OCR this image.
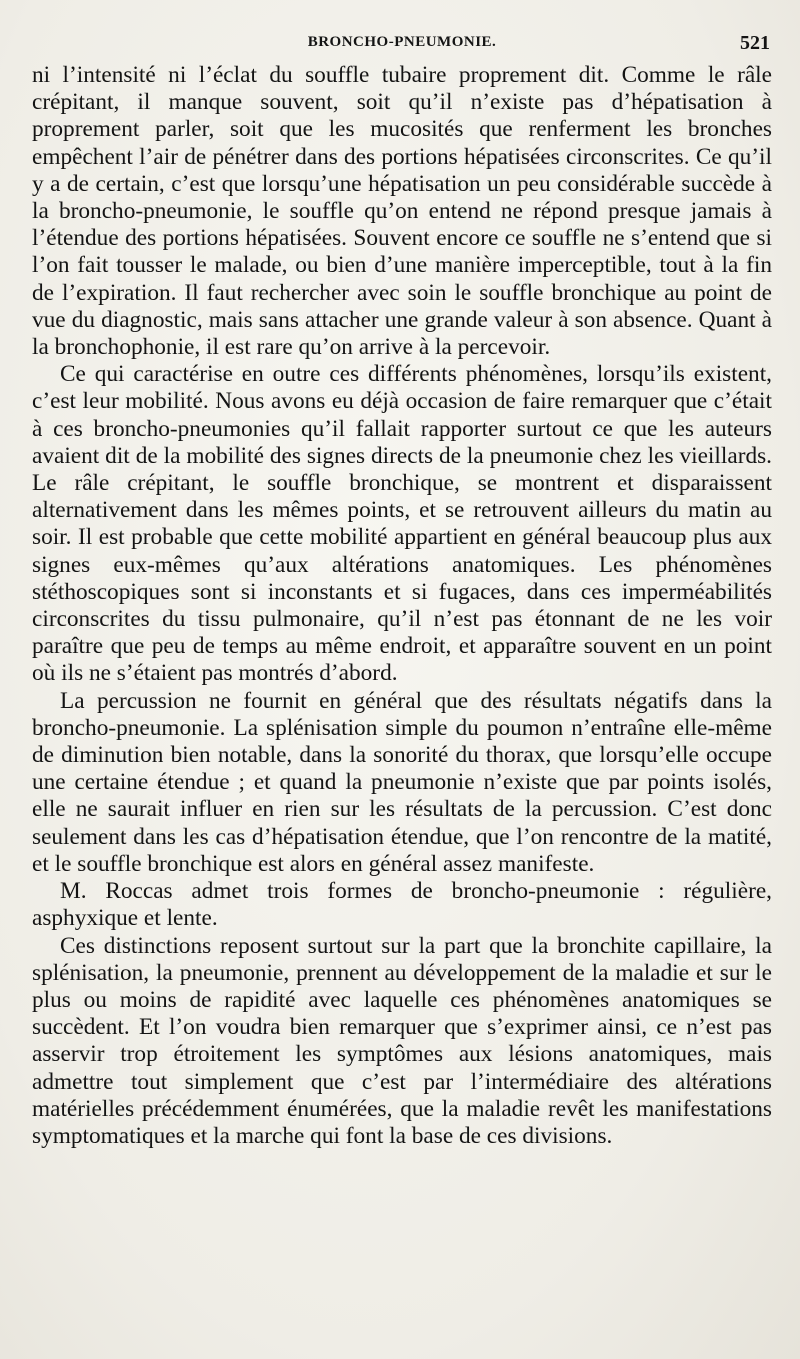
BRONCHO-PNEUMONIE.	521

ni l’intensité ni l’éclat du souffle tubaire proprement dit. Comme le râle crépitant, il manque souvent, soit qu’il n’existe pas d’hépatisation à proprement parler, soit que les mucosités que renferment les bronches empêchent l’air de pénétrer dans des portions hépatisées circonscrites. Ce qu’il y a de certain, c’est que lorsqu’une hépatisation un peu considérable succède à la broncho-pneumonie, le souffle qu’on entend ne répond presque jamais à l’étendue des portions hépatisées. Souvent encore ce souffle ne s’entend que si l’on fait tousser le malade, ou bien d’une manière imperceptible, tout à la fin de l’expiration. Il faut rechercher avec soin le souffle bronchique au point de vue du diagnostic, mais sans attacher une grande valeur à son absence. Quant à la bronchophonie, il est rare qu’on arrive à la percevoir.

Ce qui caractérise en outre ces différents phénomènes, lorsqu’ils existent, c’est leur mobilité. Nous avons eu déjà occasion de faire remarquer que c’était à ces broncho-pneumonies qu’il fallait rapporter surtout ce que les auteurs avaient dit de la mobilité des signes directs de la pneumonie chez les vieillards. Le râle crépitant, le souffle bronchique, se montrent et disparaissent alternativement dans les mêmes points, et se retrouvent ailleurs du matin au soir. Il est probable que cette mobilité appartient en général beaucoup plus aux signes eux-mêmes qu’aux altérations anatomiques. Les phénomènes stéthoscopiques sont si inconstants et si fugaces, dans ces imperméabilités circonscrites du tissu pulmonaire, qu’il n’est pas étonnant de ne les voir paraître que peu de temps au même endroit, et apparaître souvent en un point où ils ne s’étaient pas montrés d’abord.

La percussion ne fournit en général que des résultats négatifs dans la broncho-pneumonie. La splénisation simple du poumon n’entraîne elle-même de diminution bien notable, dans la sonorité du thorax, que lorsqu’elle occupe une certaine étendue ; et quand la pneumonie n’existe que par points isolés, elle ne saurait influer en rien sur les résultats de la percussion. C’est donc seulement dans les cas d’hépatisation étendue, que l’on rencontre de la matité, et le souffle bronchique est alors en général assez manifeste.

M. Roccas admet trois formes de broncho-pneumonie : régulière, asphyxique et lente.

Ces distinctions reposent surtout sur la part que la bronchite capillaire, la splénisation, la pneumonie, prennent au développement de la maladie et sur le plus ou moins de rapidité avec laquelle ces phénomènes anatomiques se succèdent. Et l’on voudra bien remarquer que s’exprimer ainsi, ce n’est pas asservir trop étroitement les symptômes aux lésions anatomiques, mais admettre tout simplement que c’est par l’intermédiaire des altérations matérielles précédemment énumérées, que la maladie revêt les manifestations symptomatiques et la marche qui font la base de ces divisions.
